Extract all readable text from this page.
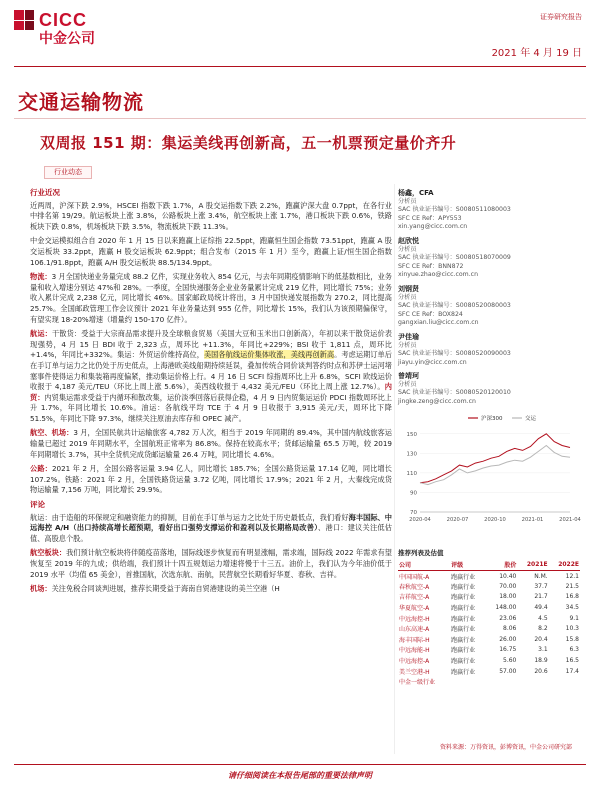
CICC
中金公司
证券研究报告
2021 年 4 月 19 日
交通运输物流
双周报 151 期：集运美线再创新高，五一机票预定量价齐升
行业动态
行业近况

近两周，沪深下跌 2.9%，HSCEI 指数下跌 1.7%，A 股交运指数下跌 2.2%，跑赢沪深大盘 0.7ppt，在各行业中排名第 19/29。航运板块上涨 3.8%，公路板块上涨 3.4%，航空板块上涨 1.7%，港口板块下跌 0.6%，铁路板块下跌 0.8%，机场板块下跌 3.5%，物流板块下跌 11.3%。

中金交运模拟组合自 2020 年 1 月 15 日以来跑赢上证综指 22.5ppt，跑赢恒生国企指数 73.51ppt，跑赢 A 股交运板块 33.2ppt，跑赢 H 股交运板块 62.9ppt；组合发布（2015 年 1 月）至今，跑赢上证/恒生国企指数 106.1/91.8ppt，跑赢 A/H 股交运板块 88.5/134.9ppt。

物流：3 月全国快递业务量完成 88.2 亿件，实现业务收入 854 亿元，与去年同期疫情影响下的低基数相比，业务量和收入增速分别达 47%和 28%。一季度，全国快递服务企业业务量累计完成 219 亿件，同比增长 75%；业务收入累计完成 2,238 亿元，同比增长 46%。国家邮政局统计将出，3 月中国快递发展指数为 270.2，同比提高 25.7%。全国邮政管理工作会议预计 2021 年业务量达到 955 亿件，同比增长 15%，我们认为该预期偏保守，有望实现 18-20%增速（增量约 150-170 亿件）。

航运：干散货：受益于大宗商品需求提升及全球粮食贸易（美国大豆和玉米出口创新高），年初以来干散货运价表现强势，4 月 15 日 BDI 收于 2,323 点，周环比 +11.3%，年同比+229%；BSI 收于 1,811 点，周环比+1.4%，年同比+332%。集运：外贸运价维持高位，美国各航线运价集体收涨，美线再创新高。考虑运期订单后在手订单与运力之比仍处于历史低点，上海港欧美线船期持续延误，叠加传统合同价谈判答约时点和苏伊士运河堵塞事件使得运力和集装箱再度偏紧，推动集运价格上行。4 月 16 日 SCFI 综指周环比上升 6.8%，SCFI 欧线运价收报于 4,187 美元/TEU（环比上周上涨 5.6%），美西线收报于 4,432 美元/FEU（环比上周上涨 12.7%）。内贸：内贸集运需求受益于内循环和散改集，运价淡季回落后获得企稳，4 月 9 日内贸集运运价 PDCI 指数周环比上升 1.7%，年同比增长 10.6%。油运：各航线平均 TCE 于 4 月 9 日收报于 3,915 美元/天，周环比下降 51.5%，年同比下降 97.3%，继续关注原油去库存和 OPEC 减产。

航空、机场：3 月，全国民航共计运输旅客 4,782 万人次，相当于 2019 年同期的 89.4%，其中国内航线旅客运输量已超过 2019 年同期水平，全国航班正常率为 86.8%。保持在较高水平；货邮运输量 65.5 万吨，较 2019 年同期增长 3.7%，其中全货机完成货邮运输量 26.4 万吨，同比增长 4.6%。

公路：2021 年 2 月，全国公路客运量 3.94 亿人，同比增长 185.7%；全国公路货运量 17.14 亿吨，同比增长 107.2%。铁路：2021 年 2 月，全国铁路货运量 3.72 亿吨，同比增长 17.9%；2021 年 2 月，大秦线完成货物运输量 7,156 万吨，同比增长 29.9%。

评论

航运：由于造船的环保规定和融资能力的抑制，目前在手订单与运力之比处于历史最低点，我们看好海丰国际、中远海控 A/H（出口持续高增长超预期，看好出口强势支撑运价和盈利以及长期格局改善）、港口：建议关注低估值、高股息个股。

航空板块：我们预计航空板块将伴随疫苗落地，国际线逐步恢复而有明显涨幅，需求端，国际线 2022 年需求有望恢复至 2019 年的九成；供给端，我们预计十四五规划运力增速将慢于十三五。油价上，我们认为今年油价低于 2019 水平（均值 65 美金），首推国航，次选东航、南航，民营航空长期看好华夏、春秋、吉祥。

机场：关注免税合同谈判进展，推荐长期受益于海南自贸港建设的美兰空港（H

杨鑫，CFA
分析员
SAC 执业证书编号：S0080511080003
SFC CE Ref：APY553
xin.yang@cicc.com.cn
赵欣悦
分析员
SAC 执业证书编号：S0080518070009
SFC CE Ref：BNN872
xinyue.zhao@cicc.com.cn
刘钢贤
分析员
SAC 执业证书编号：S0080520080003
SFC CE Ref：BOX824
gangxian.liu@cicc.com.cn
尹佳瑜
分析员
SAC 执业证书编号：S0080520090003
jiayu.yin@cicc.com.cn
曾靖珂
分析员
SAC 执业证书编号：S0080520120010
jingke.zeng@cicc.com.cn
70
90
110
130
150
2020-04	2020-07	2020-10	2021-01	2021-04
沪深300	交运
推荐列表及估值
公司	评级	股价	2021E	2022E
中国国航-A	跑赢行业	10.40	N.M.	12.1
春秋航空-A	跑赢行业	70.00	37.7	21.5
吉祥航空-A	跑赢行业	18.00	21.7	16.8
华夏航空-A	跑赢行业	148.00	49.4	34.5
中远海控-H	跑赢行业	23.06	4.5	9.1
山东高速-A	跑赢行业	8.06	8.2	10.3
海丰国际-H	跑赢行业	26.00	20.4	15.8
中远海能-H	跑赢行业	16.75	3.1	6.3
中远海控-A	跑赢行业	5.60	18.9	16.5
美兰空港-H	跑赢行业	57.00	20.6	17.4
中金一级行业				
资料来源：万得资讯，彭博资讯，中金公司研究部
请仔细阅读在本报告尾部的重要法律声明
